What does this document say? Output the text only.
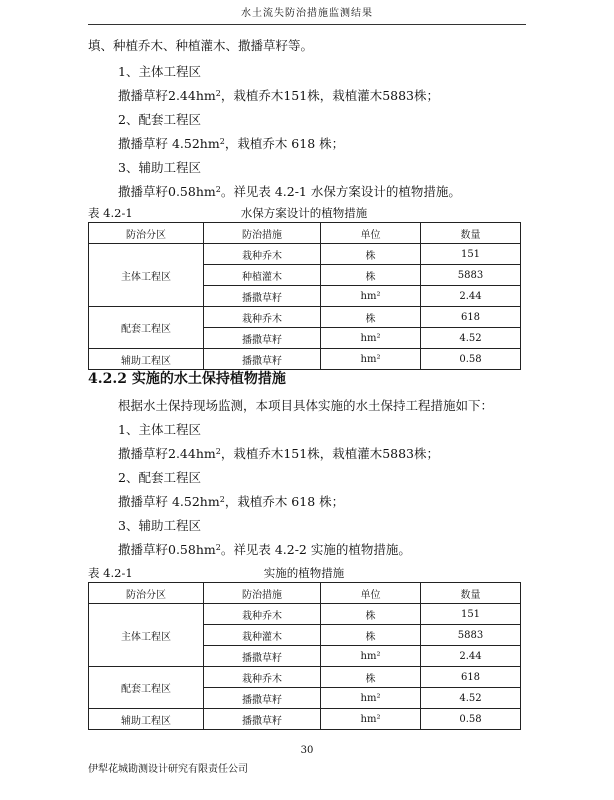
水土流失防治措施监测结果
填、种植乔木、种植灌木、撒播草籽等。
1、主体工程区
撒播草籽$2.44hm^2$，栽植乔木151株，栽植灌木5883株；
2、配套工程区
撒播草籽 $4.52hm^2$，栽植乔木 618 株；
3、辅助工程区
撒播草籽$0.58hm^2$。祥见表 4.2-1 水保方案设计的植物措施。
水保方案设计的植物措施
表 4.2-1
防治分区	防治措施	单位	数量
主体工程区	栽种乔木	株	151
	种植灌木	株	5883
	播撒草籽	hm²	2.44
配套工程区	栽种乔木	株	618
	播撒草籽	hm²	4.52
辅助工程区	播撒草籽	hm²	0.58
4.2.2 实施的水土保持植物措施
根据水土保持现场监测，本项目具体实施的水土保持工程措施如下：
1、主体工程区
撒播草籽$2.44hm^2$，栽植乔木151株，栽植灌木5883株；
2、配套工程区
撒播草籽 $4.52hm^2$，栽植乔木 618 株；
3、辅助工程区
撒播草籽$0.58hm^2$。祥见表 4.2-2 实施的植物措施。
实施的植物措施
表 4.2-1
防治分区	防治措施	单位	数量
主体工程区	栽种乔木	株	151
	栽种灌木	株	5883
	播撒草籽	hm²	2.44
配套工程区	栽种乔木	株	618
	播撒草籽	hm²	4.52
辅助工程区	播撒草籽	hm²	0.58
30
伊犁花城勘测设计研究有限责任公司
